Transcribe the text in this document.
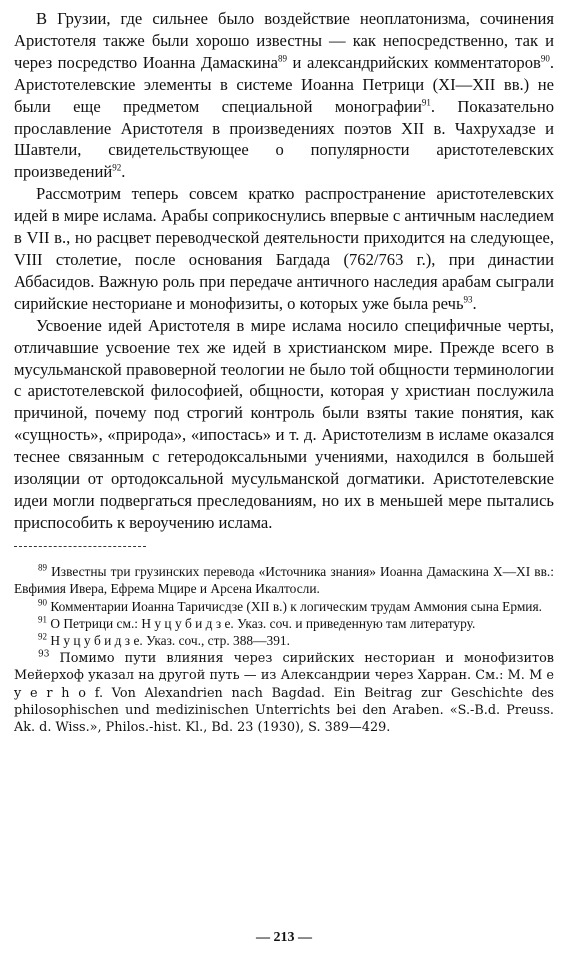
В Грузии, где сильнее было воздействие неоплатонизма, сочинения Аристотеля также были хорошо известны — как непосредственно, так и через посредство Иоанна Дамаскина$^{89}$ и александрийских комментаторов$^{90}$. Аристотелевские элементы в системе Иоанна Петрици (XI—XII вв.) не были еще предметом специальной монографии$^{91}$. Показательно прославление Аристотеля в произведениях поэтов XII в. Чахрухадзе и Шавтели, свидетельствующее о популярности аристотелевских произведений$^{92}$.

Рассмотрим теперь совсем кратко распространение аристотелевских идей в мире ислама. Арабы соприкоснулись впервые с античным наследием в VII в., но расцвет переводческой деятельности приходится на следующее, VIII столетие, после основания Багдада (762/763 г.), при династии Аббасидов. Важную роль при передаче античного наследия арабам сыграли сирийские несториане и монофизиты, о которых уже была речь$^{93}$.

Усвоение идей Аристотеля в мире ислама носило специфичные черты, отличавшие усвоение тех же идей в христианском мире. Прежде всего в мусульманской правоверной теологии не было той общности терминологии с аристотелевской философией, общности, которая у христиан послужила причиной, почему под строгий контроль были взяты такие понятия, как «сущность», «природа», «ипостась» и т. д. Аристотелизм в исламе оказался теснее связанным с гетеродоксальными учениями, находился в большей изоляции от ортодоксальной мусульманской догматики. Аристотелевские идеи могли подвергаться преследованиям, но их в меньшей мере пытались приспособить к вероучению ислама.

$^{89}$ Известны три грузинских перевода «Источника знания» Иоанна Дамаскина X—XI вв.: Евфимия Ивера, Ефрема Мцире и Арсена Икалтосли.

$^{90}$ Комментарии Иоанна Таричисдзе (XII в.) к логическим трудам Аммония сына Ермия.

$^{91}$ О Петрици см.: Н у ц у б и д з е. Указ. соч. и приведенную там литературу.

$^{92}$ Н у ц у б и д з е. Указ. соч., стр. 388—391.

$^{93}$ Помимо пути влияния через сирийских несториан и монофизитов Мейерхоф указал на другой путь — из Александрии через Харран. См.: M. M e y e r h o f. Von Alexandrien nach Bagdad. Ein Beitrag zur Geschichte des philosophischen und medizinischen Unterrichts bei den Araben. «S.-B.d. Preuss. Ak. d. Wiss.», Philos.-hist. Kl., Bd. 23 (1930), S. 389—429.

— 213 —
